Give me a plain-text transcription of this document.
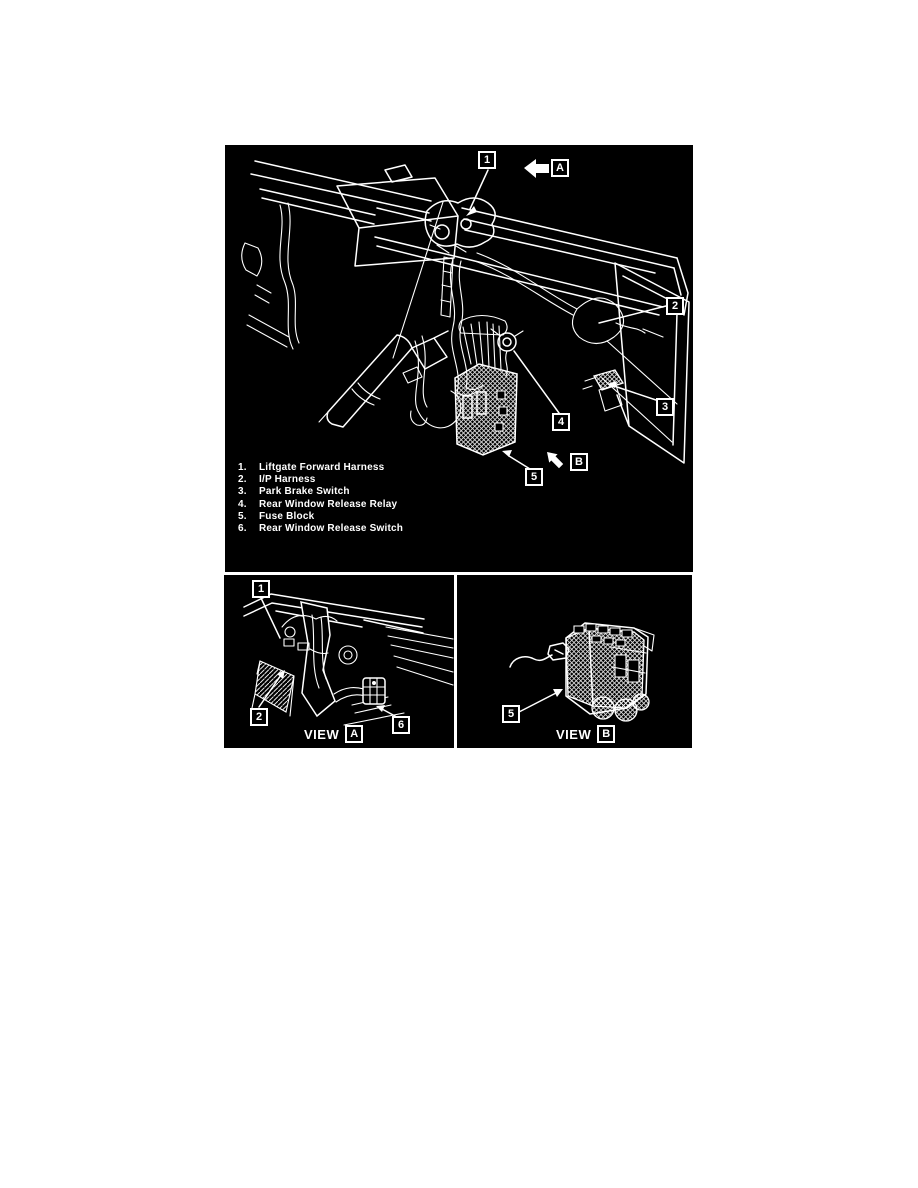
1
A
2
3
4
5
B
1.	Liftgate Forward Harness
2.	I/P Harness
3.	Park Brake Switch
4.	Rear Window Release Relay
5.	Fuse Block
6.	Rear Window Release Switch
1
2
6
VIEW	A
5
VIEW	B
